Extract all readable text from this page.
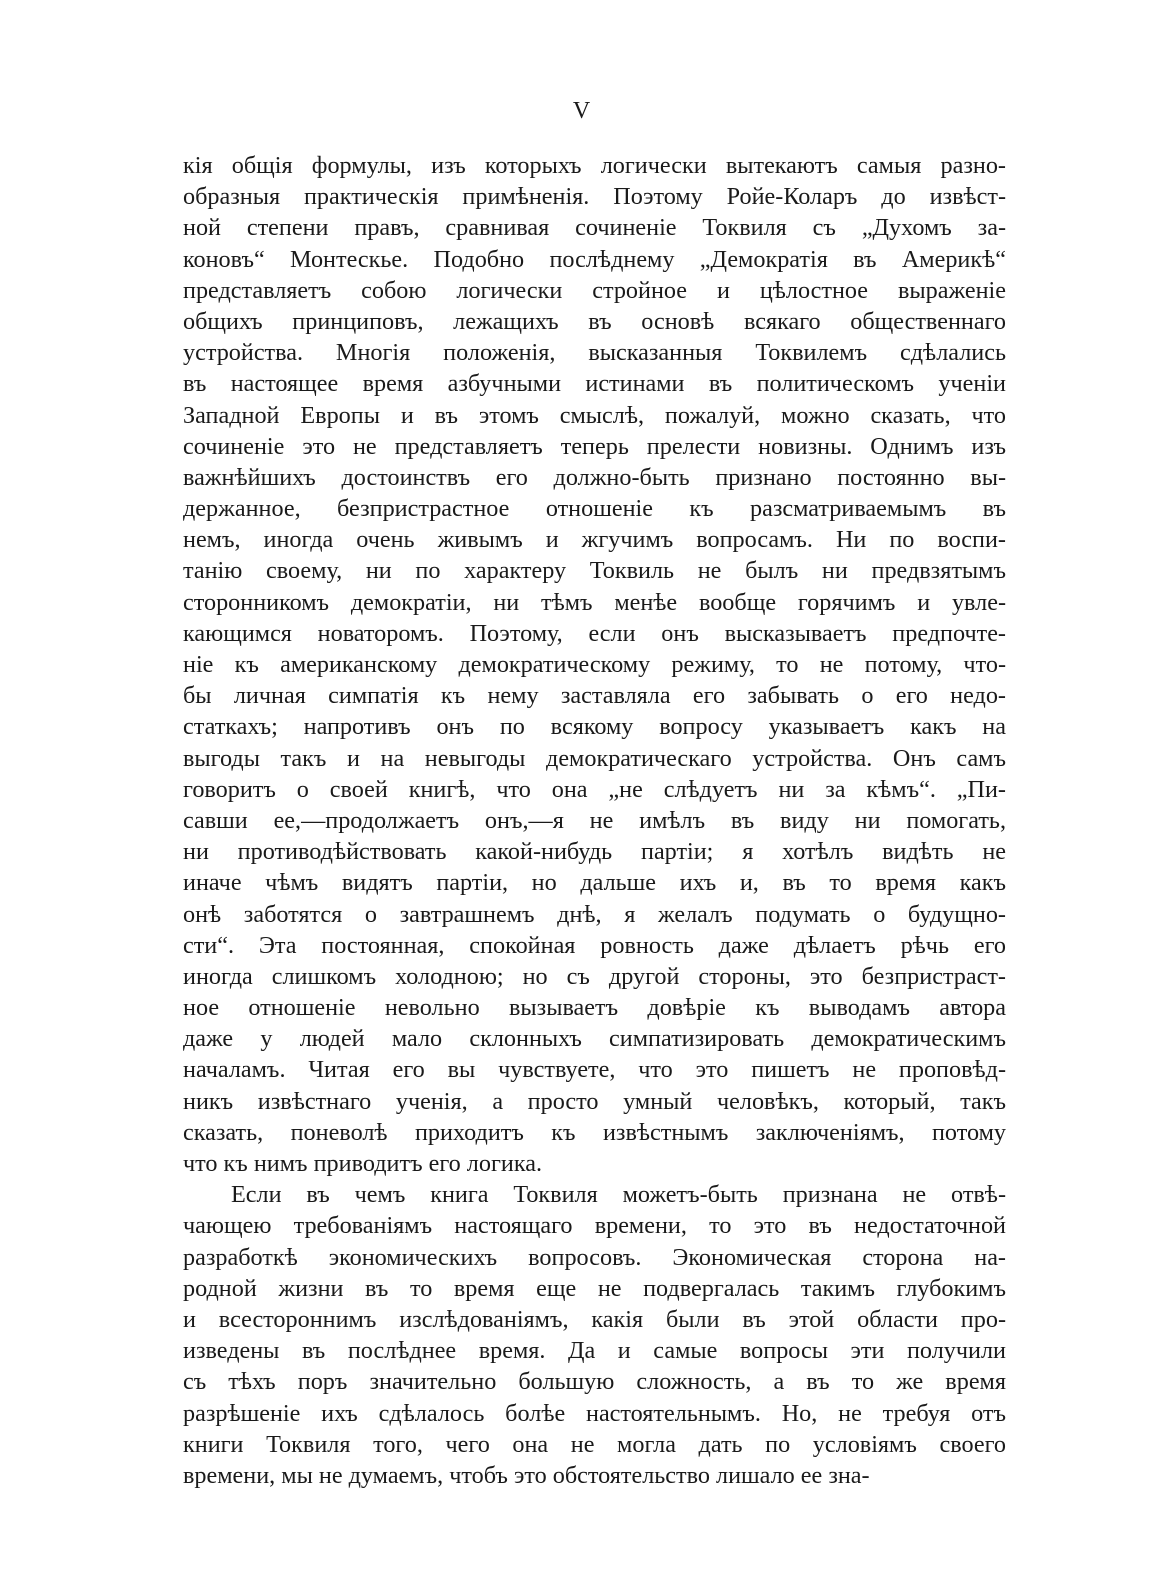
V
кія общія формулы, изъ которыхъ логически вытекаютъ самыя разно-
образныя практическія примѣненія. Поэтому Ройе-Коларъ до извѣст-
ной степени правъ, сравнивая сочиненіе Токвиля съ „Духомъ за-
коновъ“ Монтескье. Подобно послѣднему „Демократія въ Америкѣ“
представляетъ собою логически стройное и цѣлостное выраженіе
общихъ принциповъ, лежащихъ въ основѣ всякаго общественнаго
устройства. Многія положенія, высказанныя Токвилемъ сдѣлались
въ настоящее время азбучными истинами въ политическомъ ученіи
Западной Европы и въ этомъ смыслѣ, пожалуй, можно сказать, что
сочиненіе это не представляетъ теперь прелести новизны. Однимъ изъ
важнѣйшихъ достоинствъ его должно-быть признано постоянно вы-
держанное, безпристрастное отношеніе къ разсматриваемымъ въ
немъ, иногда очень живымъ и жгучимъ вопросамъ. Ни по воспи-
танію своему, ни по характеру Токвиль не былъ ни предвзятымъ
сторонникомъ демократіи, ни тѣмъ менѣе вообще горячимъ и увле-
кающимся новаторомъ. Поэтому, если онъ высказываетъ предпочте-
ніе къ американскому демократическому режиму, то не потому, что-
бы личная симпатія къ нему заставляла его забывать о его недо-
статкахъ; напротивъ онъ по всякому вопросу указываетъ какъ на
выгоды такъ и на невыгоды демократическаго устройства. Онъ самъ
говоритъ о своей книгѣ, что она „не слѣдуетъ ни за кѣмъ“. „Пи-
савши ее,—продолжаетъ онъ,—я не имѣлъ въ виду ни помогать,
ни противодѣйствовать какой-нибудь партіи; я хотѣлъ видѣть не
иначе чѣмъ видятъ партіи, но дальше ихъ и, въ то время какъ
онѣ заботятся о завтрашнемъ днѣ, я желалъ подумать о будущно-
сти“. Эта постоянная, спокойная ровность даже дѣлаетъ рѣчь его
иногда слишкомъ холодною; но съ другой стороны, это безпристраст-
ное отношеніе невольно вызываетъ довѣріе къ выводамъ автора
даже у людей мало склонныхъ симпатизировать демократическимъ
началамъ. Читая его вы чувствуете, что это пишетъ не проповѣд-
никъ извѣстнаго ученія, а просто умный человѣкъ, который, такъ
сказать, поневолѣ приходитъ къ извѣстнымъ заключеніямъ, потому
что къ нимъ приводитъ его логика.
Если въ чемъ книга Токвиля можетъ-быть признана не отвѣ-
чающею требованіямъ настоящаго времени, то это въ недостаточной
разработкѣ экономическихъ вопросовъ. Экономическая сторона на-
родной жизни въ то время еще не подвергалась такимъ глубокимъ
и всестороннимъ изслѣдованіямъ, какія были въ этой области про-
изведены въ послѣднее время. Да и самые вопросы эти получили
съ тѣхъ поръ значительно большую сложность, а въ то же время
разрѣшеніе ихъ сдѣлалось болѣе настоятельнымъ. Но, не требуя отъ
книги Токвиля того, чего она не могла дать по условіямъ своего
времени, мы не думаемъ, чтобъ это обстоятельство лишало ее зна-
